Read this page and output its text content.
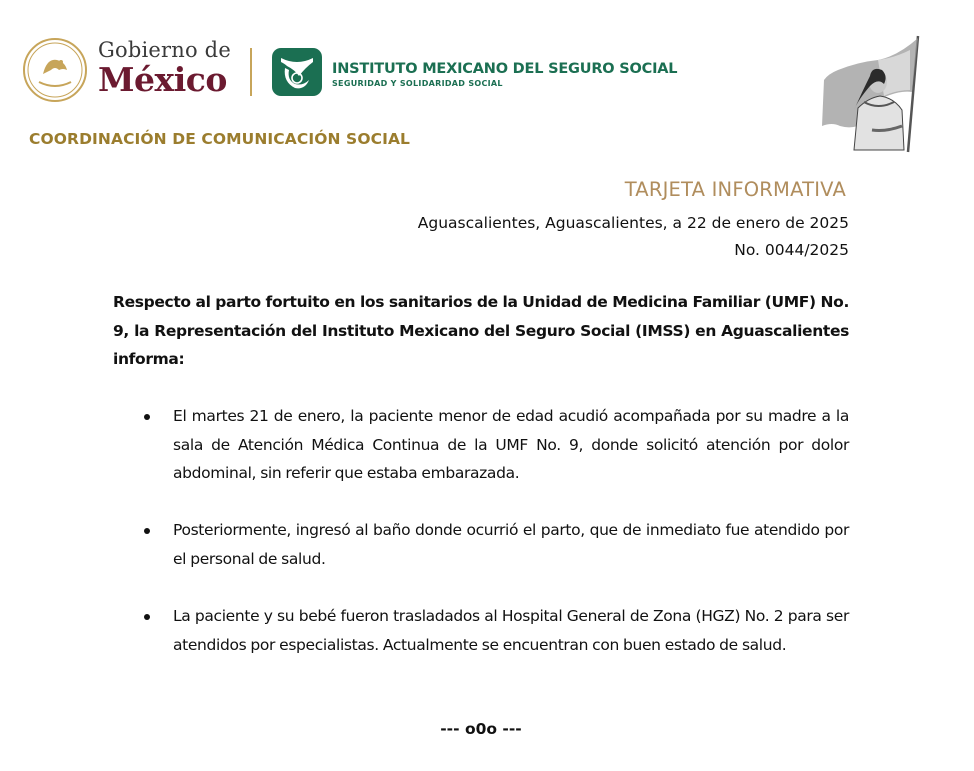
Gobierno de
México	INSTITUTO MEXICANO DEL SEGURO SOCIAL
SEGURIDAD Y SOLIDARIDAD SOCIAL
COORDINACIÓN DE COMUNICACIÓN SOCIAL
TARJETA INFORMATIVA
Aguascalientes, Aguascalientes, a 22 de enero de 2025
No. 0044/2025

Respecto al parto fortuito en los sanitarios de la Unidad de Medicina Familiar (UMF) No. 9, la Representación del Instituto Mexicano del Seguro Social (IMSS) en Aguascalientes informa:

El martes 21 de enero, la paciente menor de edad acudió acompañada por su madre a la sala de Atención Médica Continua de la UMF No. 9, donde solicitó atención por dolor abdominal, sin referir que estaba embarazada.
Posteriormente, ingresó al baño donde ocurrió el parto, que de inmediato fue atendido por el personal de salud.
La paciente y su bebé fueron trasladados al Hospital General de Zona (HGZ) No. 2 para ser atendidos por especialistas. Actualmente se encuentran con buen estado de salud.
--- o0o ---
